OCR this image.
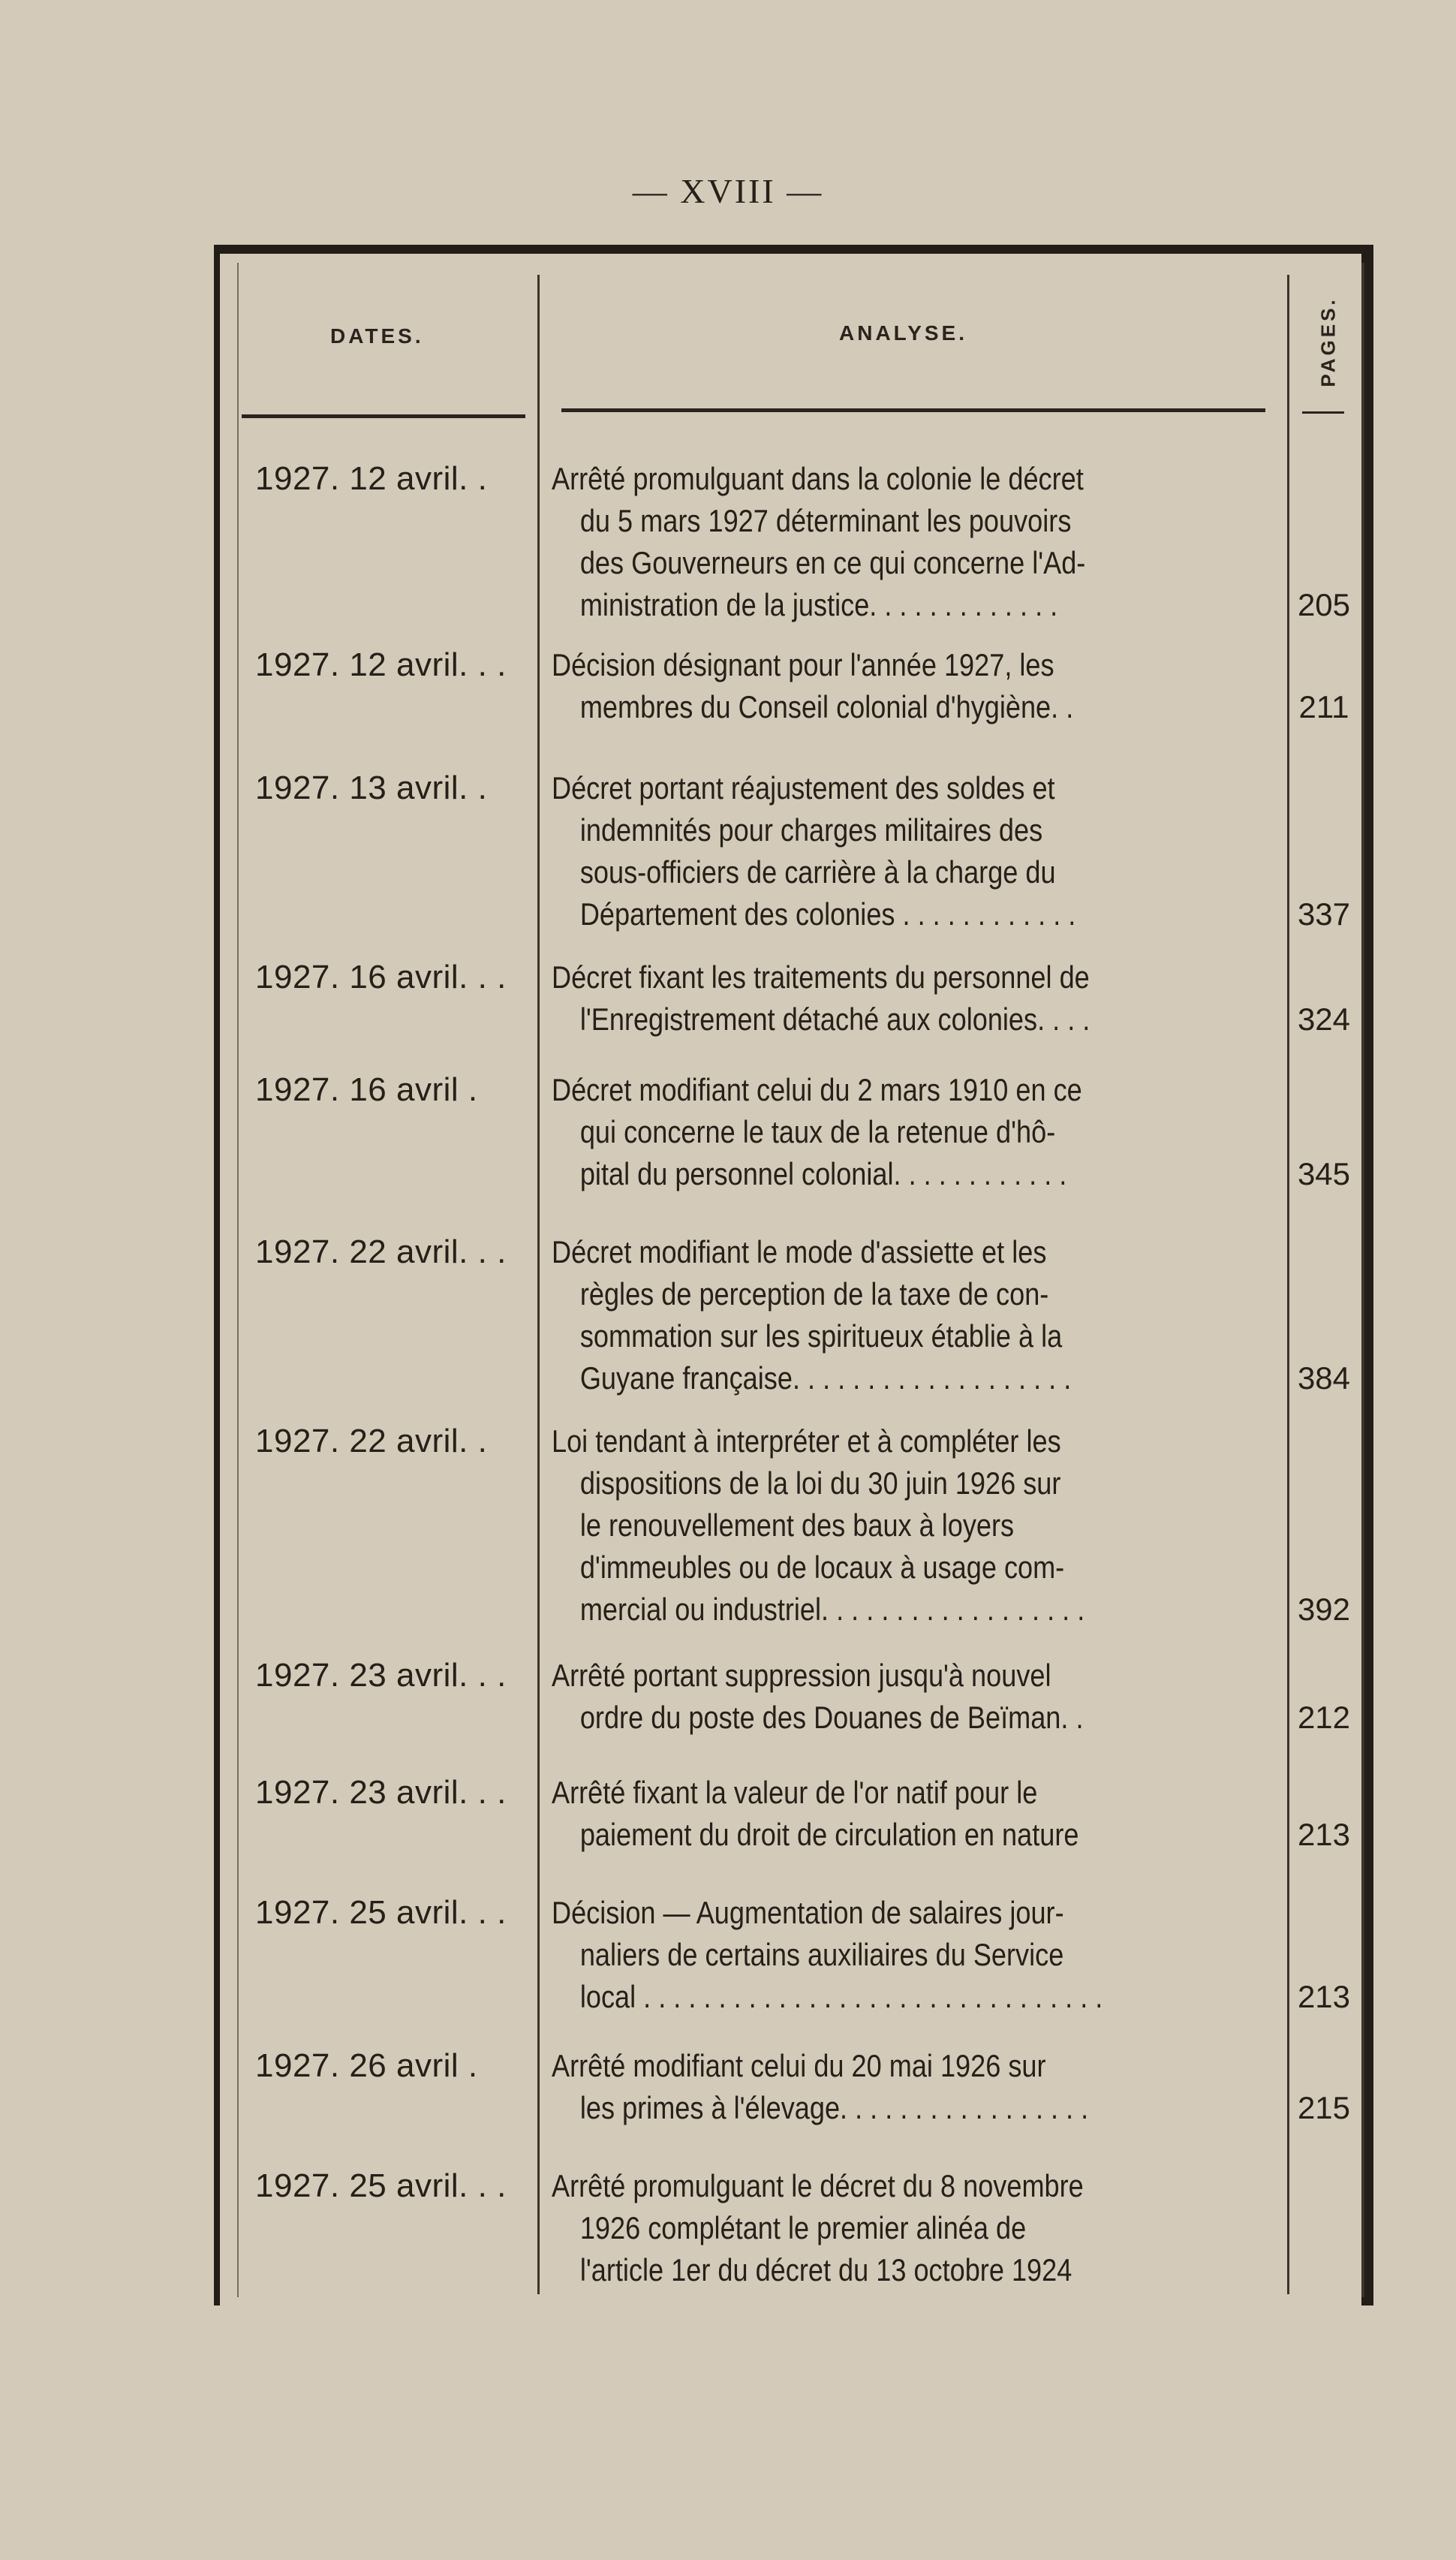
— XVIII —
DATES.	ANALYSE.	PAGES.
1927. 12 avril. .	Arrêté promulguant dans la colonie le décret
du 5 mars 1927 déterminant les pouvoirs
des Gouverneurs en ce qui concerne l'Ad-
ministration de la justice. . . . . . . . . . . . .	205
1927. 12 avril. . .	Décision désignant pour l'année 1927, les
membres du Conseil colonial d'hygiène. .	211
1927. 13 avril. .	Décret portant réajustement des soldes et
indemnités pour charges militaires des
sous-officiers de carrière à la charge du
Département des colonies . . . . . . . . . . . .	337
1927. 16 avril. . .	Décret fixant les traitements du personnel de
l'Enregistrement détaché aux colonies. . . .	324
1927. 16 avril .	Décret modifiant celui du 2 mars 1910 en ce
qui concerne le taux de la retenue d'hô-
pital du personnel colonial. . . . . . . . . . . .	345
1927. 22 avril. . .	Décret modifiant le mode d'assiette et les
règles de perception de la taxe de con-
sommation sur les spiritueux établie à la
Guyane française. . . . . . . . . . . . . . . . . . .	384
1927. 22 avril. .	Loi tendant à interpréter et à compléter les
dispositions de la loi du 30 juin 1926 sur
le renouvellement des baux à loyers
d'immeubles ou de locaux à usage com-
mercial ou industriel. . . . . . . . . . . . . . . . . .	392
1927. 23 avril. . .	Arrêté portant suppression jusqu'à nouvel
ordre du poste des Douanes de Beïman. .	212
1927. 23 avril. . .	Arrêté fixant la valeur de l'or natif pour le
paiement du droit de circulation en nature	213
1927. 25 avril. . .	Décision — Augmentation de salaires jour-
naliers de certains auxiliaires du Service
local . . . . . . . . . . . . . . . . . . . . . . . . . . . . . . .	213
1927. 26 avril .	Arrêté modifiant celui du 20 mai 1926 sur
les primes à l'élevage. . . . . . . . . . . . . . . . .	215
1927. 25 avril. . .	Arrêté promulguant le décret du 8 novembre
1926 complétant le premier alinéa de
l'article 1er du décret du 13 octobre 1924
